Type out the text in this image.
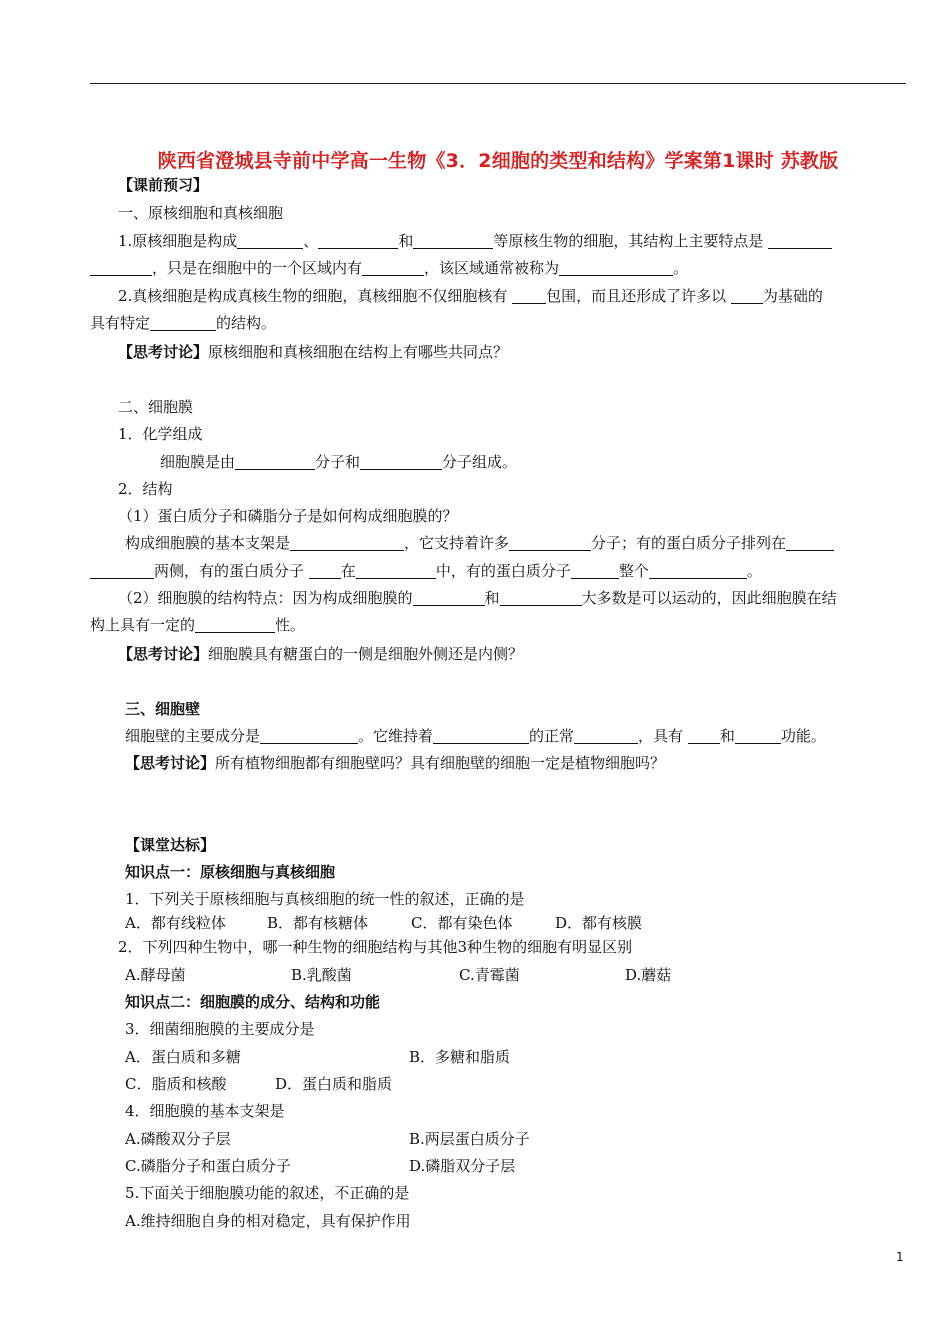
陕西省澄城县寺前中学高一生物《3．2细胞的类型和结构》学案第1课时 苏教版
【课前预习】
一、原核细胞和真核细胞
1.原核细胞是构成	、	和	等原核生物的细胞，其结构上主要特点是
，只是在细胞中的一个区域内有	，该区域通常被称为	。
2.真核细胞是构成真核生物的细胞，真核细胞不仅细胞核有	包围，而且还形成了许多以 为基础的
具有特定	的结构。
【思考讨论】原核细胞和真核细胞在结构上有哪些共同点？
二、细胞膜
1．化学组成
细胞膜是由	分子和	分子组成。
2．结构
（1）蛋白质分子和磷脂分子是如何构成细胞膜的？
构成细胞膜的基本支架是	，它支持着许多	分子；有的蛋白质分子排列在
两侧，有的蛋白质分子 在	中，有的蛋白质分子	整个	。
（2）细胞膜的结构特点：因为构成细胞膜的	和	大多数是可以运动的，因此细胞膜在结
构上具有一定的	性。
【思考讨论】细胞膜具有糖蛋白的一侧是细胞外侧还是内侧？
三、细胞壁
细胞壁的主要成分是	。它维持着	的正常	，具有 和	功能。
【思考讨论】所有植物细胞都有细胞壁吗？具有细胞壁的细胞一定是植物细胞吗？
【课堂达标】
知识点一：原核细胞与真核细胞
1．下列关于原核细胞与真核细胞的统一性的叙述，正确的是
A．都有线粒体	B．都有核糖体	C．都有染色体	D．都有核膜
2．下列四种生物中，哪一种生物的细胞结构与其他3种生物的细胞有明显区别
A.酵母菌	B.乳酸菌	C.青霉菌	D.蘑菇
知识点二：细胞膜的成分、结构和功能
3．细菌细胞膜的主要成分是
A．蛋白质和多糖	B．多糖和脂质
C．脂质和核酸	D．蛋白质和脂质
4．细胞膜的基本支架是
A.磷酸双分子层	B.两层蛋白质分子
C.磷脂分子和蛋白质分子	D.磷脂双分子层
5.下面关于细胞膜功能的叙述，不正确的是
A.维持细胞自身的相对稳定，具有保护作用
1
